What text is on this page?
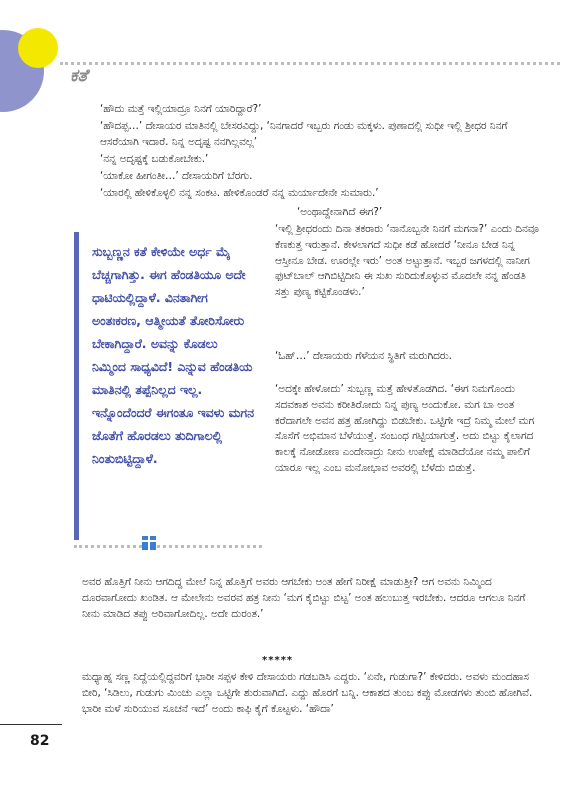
ಕತೆ

‘ಹೌದು ಮತ್ತೆ ಇಲ್ಲಿಯಾದ್ರೂ ನಿನಗೆ ಯಾರಿದ್ದಾರೆ?’

‘ಹೌದಪ್ಪ…’ ದೇಸಾಯರ ಮಾತಿನಲ್ಲಿ ಬೇಸರವಿದ್ದು, ‘ನಿನಗಾದರೆ ಇಬ್ಬರು ಗಂಡು ಮಕ್ಕಳು. ಪುಣಾದಲ್ಲಿ ಸುಧೀ ಇಲ್ಲಿ ಶ್ರೀಧರ ನಿನಗೆ ಆಸರೆಯಾಗಿ ಇದಾರೆ. ನಿನ್ನ ಅದೃಷ್ಟ ನನಗಿಲ್ಲವಲ್ಲ’

‘ನನ್ನ ಅದೃಷ್ಟಕ್ಕೆ ಬಡುಕೋಬೇಕು.’

‘ಯಾಕೋ ಹೀಗಂತೀ…’ ದೇಸಾಯರಿಗೆ ಬೆರಗು.

‘ಯಾರಲ್ಲಿ ಹೇಳಿಕೊಳ್ಳಲಿ ನನ್ನ ಸಂಕಟ. ಹೇಳಿಕೊಂಡರೆ ನನ್ನ ಮರ್ಯಾದೇನೇ ಸುಮಾರು.’

‘ಅಂಥಾದ್ದೇನಾಗಿದೆ ಈಗ?’

‘ಇಲ್ಲಿ ಶ್ರೀಧರಂದು ದಿನಾ ತಕರಾರು ‘ನಾನೊಬ್ಬನೇ ನಿನಗೆ ಮಗನಾ?’ ಎಂದು ದಿನವೂ ಕೆಣಕುತ್ತ ಇರುತ್ತಾನೆ. ಕೇಳಲಾಗದೆ ಸುಧೀ ಕಡೆ ಹೋದರೆ ‘ನೀನೂ ಬೇಡ ನಿನ್ನ ಆಸ್ತೀನೂ ಬೇಡ. ಊರಲ್ಲೇ ಇರು’ ಅಂತ ಅಟ್ಟುತ್ತಾನೆ. ಇಬ್ಬರ ಜಗಳದಲ್ಲಿ ನಾನೀಗ ಫುಟ್‌ಬಾಲ್ ಆಗಿಬಿಟ್ಟಿದೀನಿ ಈ ಸುಖ ಸುರಿದುಕೊಳ್ಳುವ ಮೊದಲೇ ನನ್ನ ಹೆಂಡತಿ ಸತ್ತು ಪುಣ್ಯ ಕಟ್ಟಿಕೊಂಡಳು.’

‘ಓಹ್…’ ದೇಸಾಯರು ಗೆಳೆಯನ ಸ್ಥಿತಿಗೆ ಮರುಗಿದರು.

‘ಅದಕ್ಕೇ ಹೇಳೋದು’ ಸುಬ್ಬಣ್ಣ ಮತ್ತೆ ಹೇಳತೊಡಗಿದ. ‘ಈಗ ನಿಮಗೊಂದು ಸದವಕಾಶ ಅವನು ಕರೀತಿರೋದು ನಿನ್ನ ಪುಣ್ಯ ಅಂದುಕೋ. ಮಗ ಬಾ ಅಂತ ಕರೆದಾಗಲೇ ಅವನ ಹತ್ರ ಹೋಗಿದ್ದು ಬಿಡಬೇಕು. ಒಟ್ಟಿಗೇ ಇದ್ರೆ ನಿಮ್ಮ ಮೇಲೆ ಮಗ ಸೊಸೆಗೆ ಅಭಿಮಾನ ಬೆಳೆಯುತ್ತೆ. ಸಂಬಂಧ ಗಟ್ಟಿಯಾಗುತ್ತೆ. ಅದು ಬಿಟ್ಟು ಕೈಲಾಗದ ಕಾಲಕ್ಕೆ ನೋಡೋಣ ಎಂದೇನಾದ್ರು ನೀನು ಉಪೇಕ್ಷೆ ಮಾಡಿದೆಯೋ ನಮ್ಮ ಪಾಲಿಗೆ ಯಾರೂ ಇಲ್ಲ ಎಂಬ ಮನೋಭಾವ ಅವರಲ್ಲಿ ಬೆಳೆದು ಬಿಡುತ್ತೆ.

ಸುಬ್ಬಣ್ಣನ ಕತೆ ಕೇಳಿಯೇ ಅರ್ಧ ಮೈ ಬೆಚ್ಚಗಾಗಿತ್ತು. ಈಗ ಹೆಂಡತಿಯೂ ಅದೇ ಧಾಟಿಯಲ್ಲಿದ್ದಾಳೆ. ವಿನತಾಗೀಗ ಅಂತಃಕರಣ, ಆತ್ಮೀಯತೆ ತೋರಿಸೋರು ಬೇಕಾಗಿದ್ದಾರೆ. ಅವನ್ನು ಕೊಡಲು ನಿಮ್ಮಿಂದ ಸಾಧ್ಯವಿದೆ! ಎನ್ನುವ ಹೆಂಡತಿಯ ಮಾತಿನಲ್ಲಿ ತಪ್ಪೆನಿಲ್ಲದ ಇಲ್ಲ. ಇನ್ನೊಂದೆಂದರೆ ಈಗಂತೂ ಇವಳು ಮಗನ ಜೊತೆಗೆ ಹೊರಡಲು ತುದಿಗಾಲಲ್ಲಿ ನಿಂತುಬಿಟ್ಟಿದ್ದಾಳೆ.

ಅವರ ಹೊತ್ತಿಗೆ ನೀನು ಆಗದಿದ್ದ ಮೇಲೆ ನಿನ್ನ ಹೊತ್ತಿಗೆ ಅವರು ಆಗಬೇಕು ಅಂತ ಹೇಗೆ ನಿರೀಕ್ಷೆ ಮಾಡುತ್ತೀ? ಆಗ ಅವನು ನಿಮ್ಮಿಂದ ದೂರವಾಗೋದು ಖಂಡಿತ. ಆ ಮೇಲೇನು ಅವರವ ಹತ್ರ ನೀನು ‘ಮಗ ಕೈಬಿಟ್ಟು ಬಿಟ್ಟ’ ಅಂತ ಹಲುಬುತ್ತ ಇರಬೇಕು. ಆದರೂ ಆಗಲೂ ನಿನಗೆ ನೀನು ಮಾಡಿದ ತಪ್ಪು ಅರಿವಾಗೋದಿಲ್ಲ. ಅದೇ ದುರಂತ.’

*****

ಮಧ್ಯಾಹ್ನ ಸಣ್ಣ ನಿದ್ದೆಯಲ್ಲಿದ್ದವರಿಗೆ ಭಾರೀ ಸಪ್ಪಳ ಕೇಳಿ ದೇಸಾಯರು ಗಡಬಡಿಸಿ ಎದ್ದರು. ‘ಏನೇ, ಗುಡುಗಾ?’ ಕೇಳಿದರು. ಅವಳು ಮಂದಹಾಸ ಬೀರಿ, ‘ಸಿಡಿಲು, ಗುಡುಗು ಮಿಂಚು ಎಲ್ಲಾ ಒಟ್ಟಿಗೇ ಶುರುವಾಗಿದೆ. ಎದ್ದು ಹೊರಗೆ ಬನ್ನಿ. ಆಕಾಶದ ತುಂಬ ಕಪ್ಪು ಮೋಡಗಳು ತುಂಬಿ ಹೋಗಿವೆ. ಭಾರೀ ಮಳೆ ಸುರಿಯುವ ಸೂಚನೆ ಇದೆ’ ಅಂದು ಕಾಫಿ ಕೈಗೆ ಕೊಟ್ಟಳು. ‘ಹೌದಾ’

82
